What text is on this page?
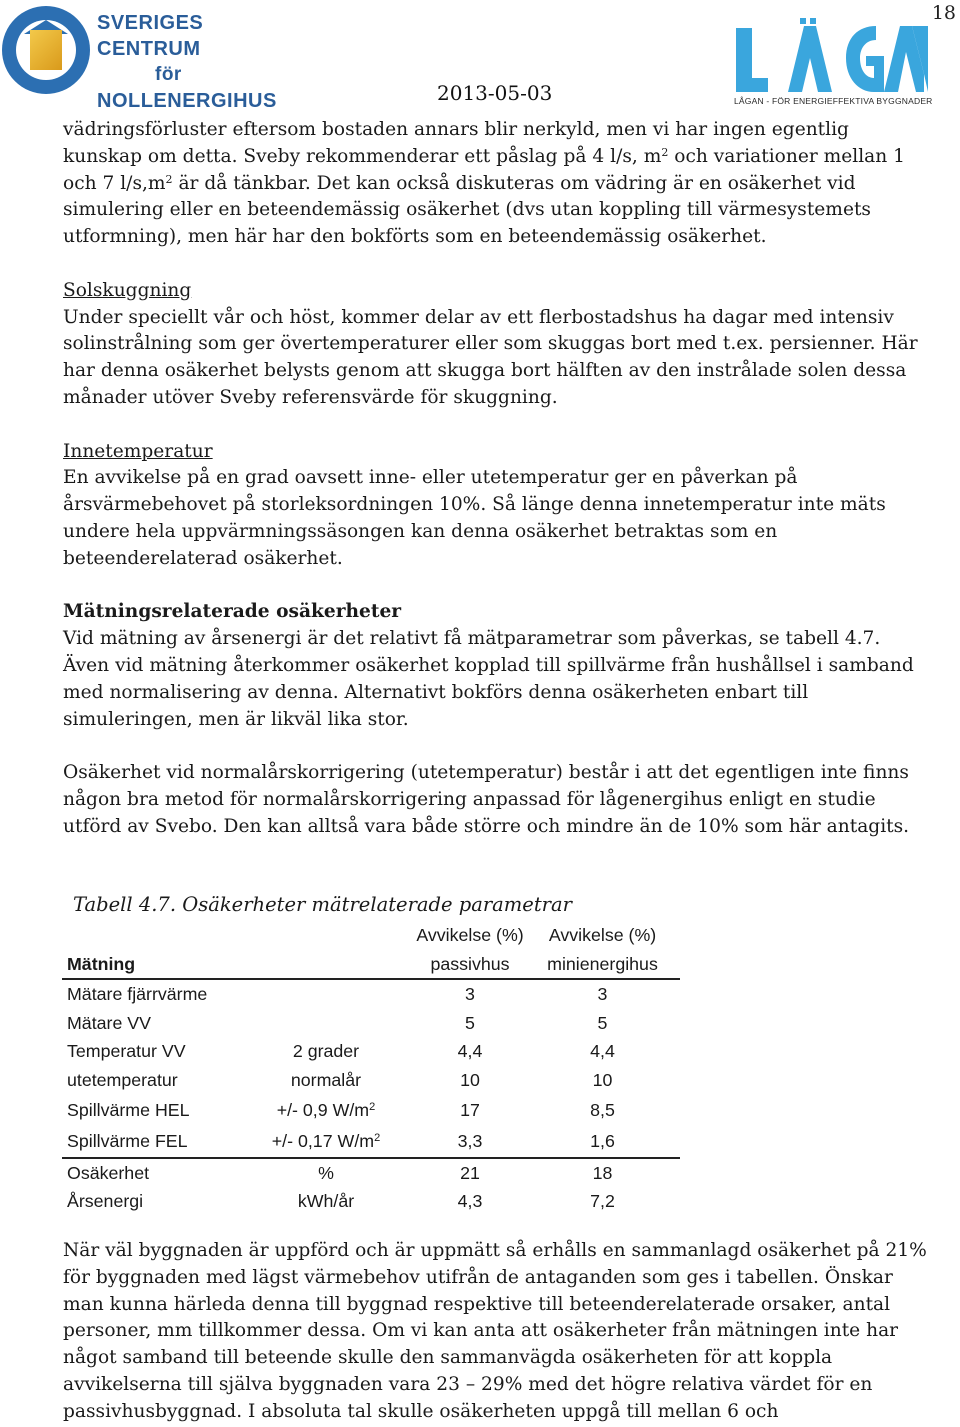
18
SVERIGES CENTRUM
för
NOLLENERGIHUS	LÅGAN - FÖR ENERGIEFFEKTIVA BYGGNADER
2013-05-03

vädringsförluster eftersom bostaden annars blir nerkyld, men vi har ingen egentlig kunskap om detta. Sveby rekommenderar ett påslag på 4 l/s, $m^2$ och variationer mellan 1 och 7 $l/s,m^2$ är då tänkbar. Det kan också diskuteras om vädring är en osäkerhet vid simulering eller en beteendemässig osäkerhet (dvs utan koppling till värmesystemets utformning), men här har den bokförts som en beteendemässig osäkerhet.

Solskuggning
Under speciellt vår och höst, kommer delar av ett flerbostadshus ha dagar med intensiv solinstrålning som ger övertemperaturer eller som skuggas bort med t.ex. persienner. Här har denna osäkerhet belysts genom att skugga bort hälften av den instrålade solen dessa månader utöver Sveby referensvärde för skuggning.

Innetemperatur
En avvikelse på en grad oavsett inne- eller utetemperatur ger en påverkan på årsvärmebehovet på storleksordningen 10%. Så länge denna innetemperatur inte mäts undere hela uppvärmningssäsongen kan denna osäkerhet betraktas som en beteenderelaterad osäkerhet.

Mätningsrelaterade osäkerheter
Vid mätning av årsenergi är det relativt få mätparametrar som påverkas, se tabell 4.7. Även vid mätning återkommer osäkerhet kopplad till spillvärme från hushållsel i samband med normalisering av denna. Alternativt bokförs denna osäkerheten enbart till simuleringen, men är likväl lika stor.

Osäkerhet vid normalårskorrigering (utetemperatur) består i att det egentligen inte finns någon bra metod för normalårskorrigering anpassad för lågenergihus enligt en studie utförd av Svebo. Den kan alltså vara både större och mindre än de 10% som här antagits.

Tabell 4.7. Osäkerheter mätrelaterade parametrar
		Avvikelse (%)	Avvikelse (%)
Mätning		passivhus	minienergihus
Mätare fjärrvärme		3	3
Mätare VV		5	5
Temperatur VV	2 grader	4,4	4,4
utetemperatur	normalår	10	10
Spillvärme HEL	+/- 0,9 $W/m^2$	17	8,5
Spillvärme FEL	+/- 0,17 $W/m^2$	3,3	1,6
Osäkerhet	%	21	18
Årsenergi	kWh/år	4,3	7,2
När väl byggnaden är uppförd och är uppmätt så erhålls en sammanlagd osäkerhet på 21% för byggnaden med lägst värmebehov utifrån de antaganden som ges i tabellen. Önskar man kunna härleda denna till byggnad respektive till beteenderelaterade orsaker, antal personer, mm tillkommer dessa. Om vi kan anta att osäkerheter från mätningen inte har något samband till beteende skulle den sammanvägda osäkerheten för att koppla avvikelserna till själva byggnaden vara 23 – 29% med det högre relativa värdet för en passivhusbyggnad. I absoluta tal skulle osäkerheten uppgå till mellan 6 och
